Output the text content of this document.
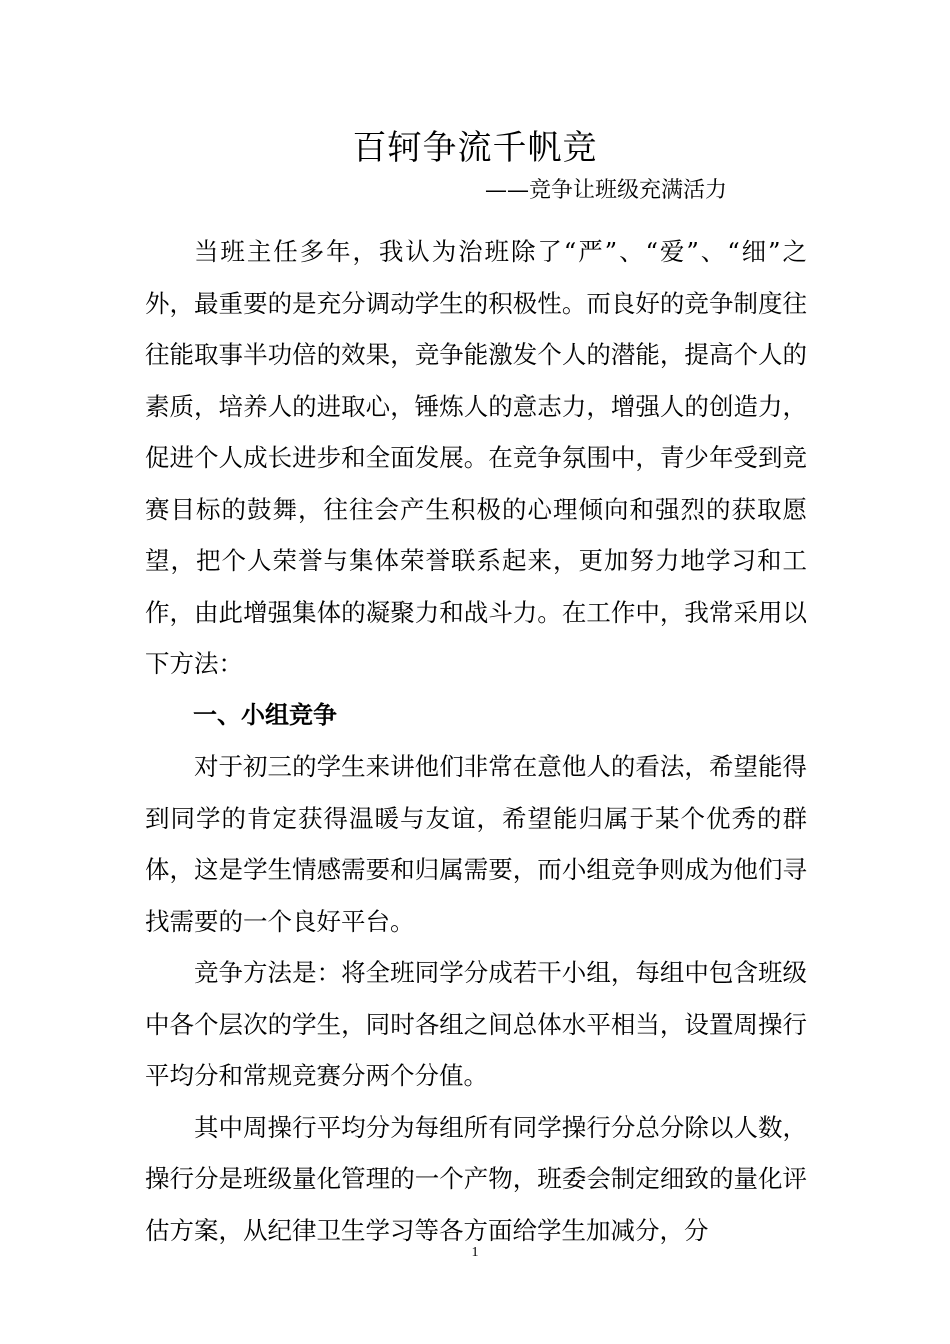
百轲争流千帆竞
——竞争让班级充满活力

当班主任多年，我认为治班除了“严”、“爱”、“细”之外，最重要的是充分调动学生的积极性。而良好的竞争制度往往能取事半功倍的效果，竞争能激发个人的潜能，提高个人的素质，培养人的进取心，锤炼人的意志力，增强人的创造力，促进个人成长进步和全面发展。在竞争氛围中，青少年受到竞赛目标的鼓舞，往往会产生积极的心理倾向和强烈的获取愿望，把个人荣誉与集体荣誉联系起来，更加努力地学习和工作，由此增强集体的凝聚力和战斗力。在工作中，我常采用以下方法：

一、小组竞争

对于初三的学生来讲他们非常在意他人的看法，希望能得到同学的肯定获得温暖与友谊，希望能归属于某个优秀的群体，这是学生情感需要和归属需要，而小组竞争则成为他们寻找需要的一个良好平台。

竞争方法是：将全班同学分成若干小组，每组中包含班级中各个层次的学生，同时各组之间总体水平相当，设置周操行平均分和常规竞赛分两个分值。

其中周操行平均分为每组所有同学操行分总分除以人数，操行分是班级量化管理的一个产物，班委会制定细致的量化评估方案，从纪律卫生学习等各方面给学生加减分，分

1
